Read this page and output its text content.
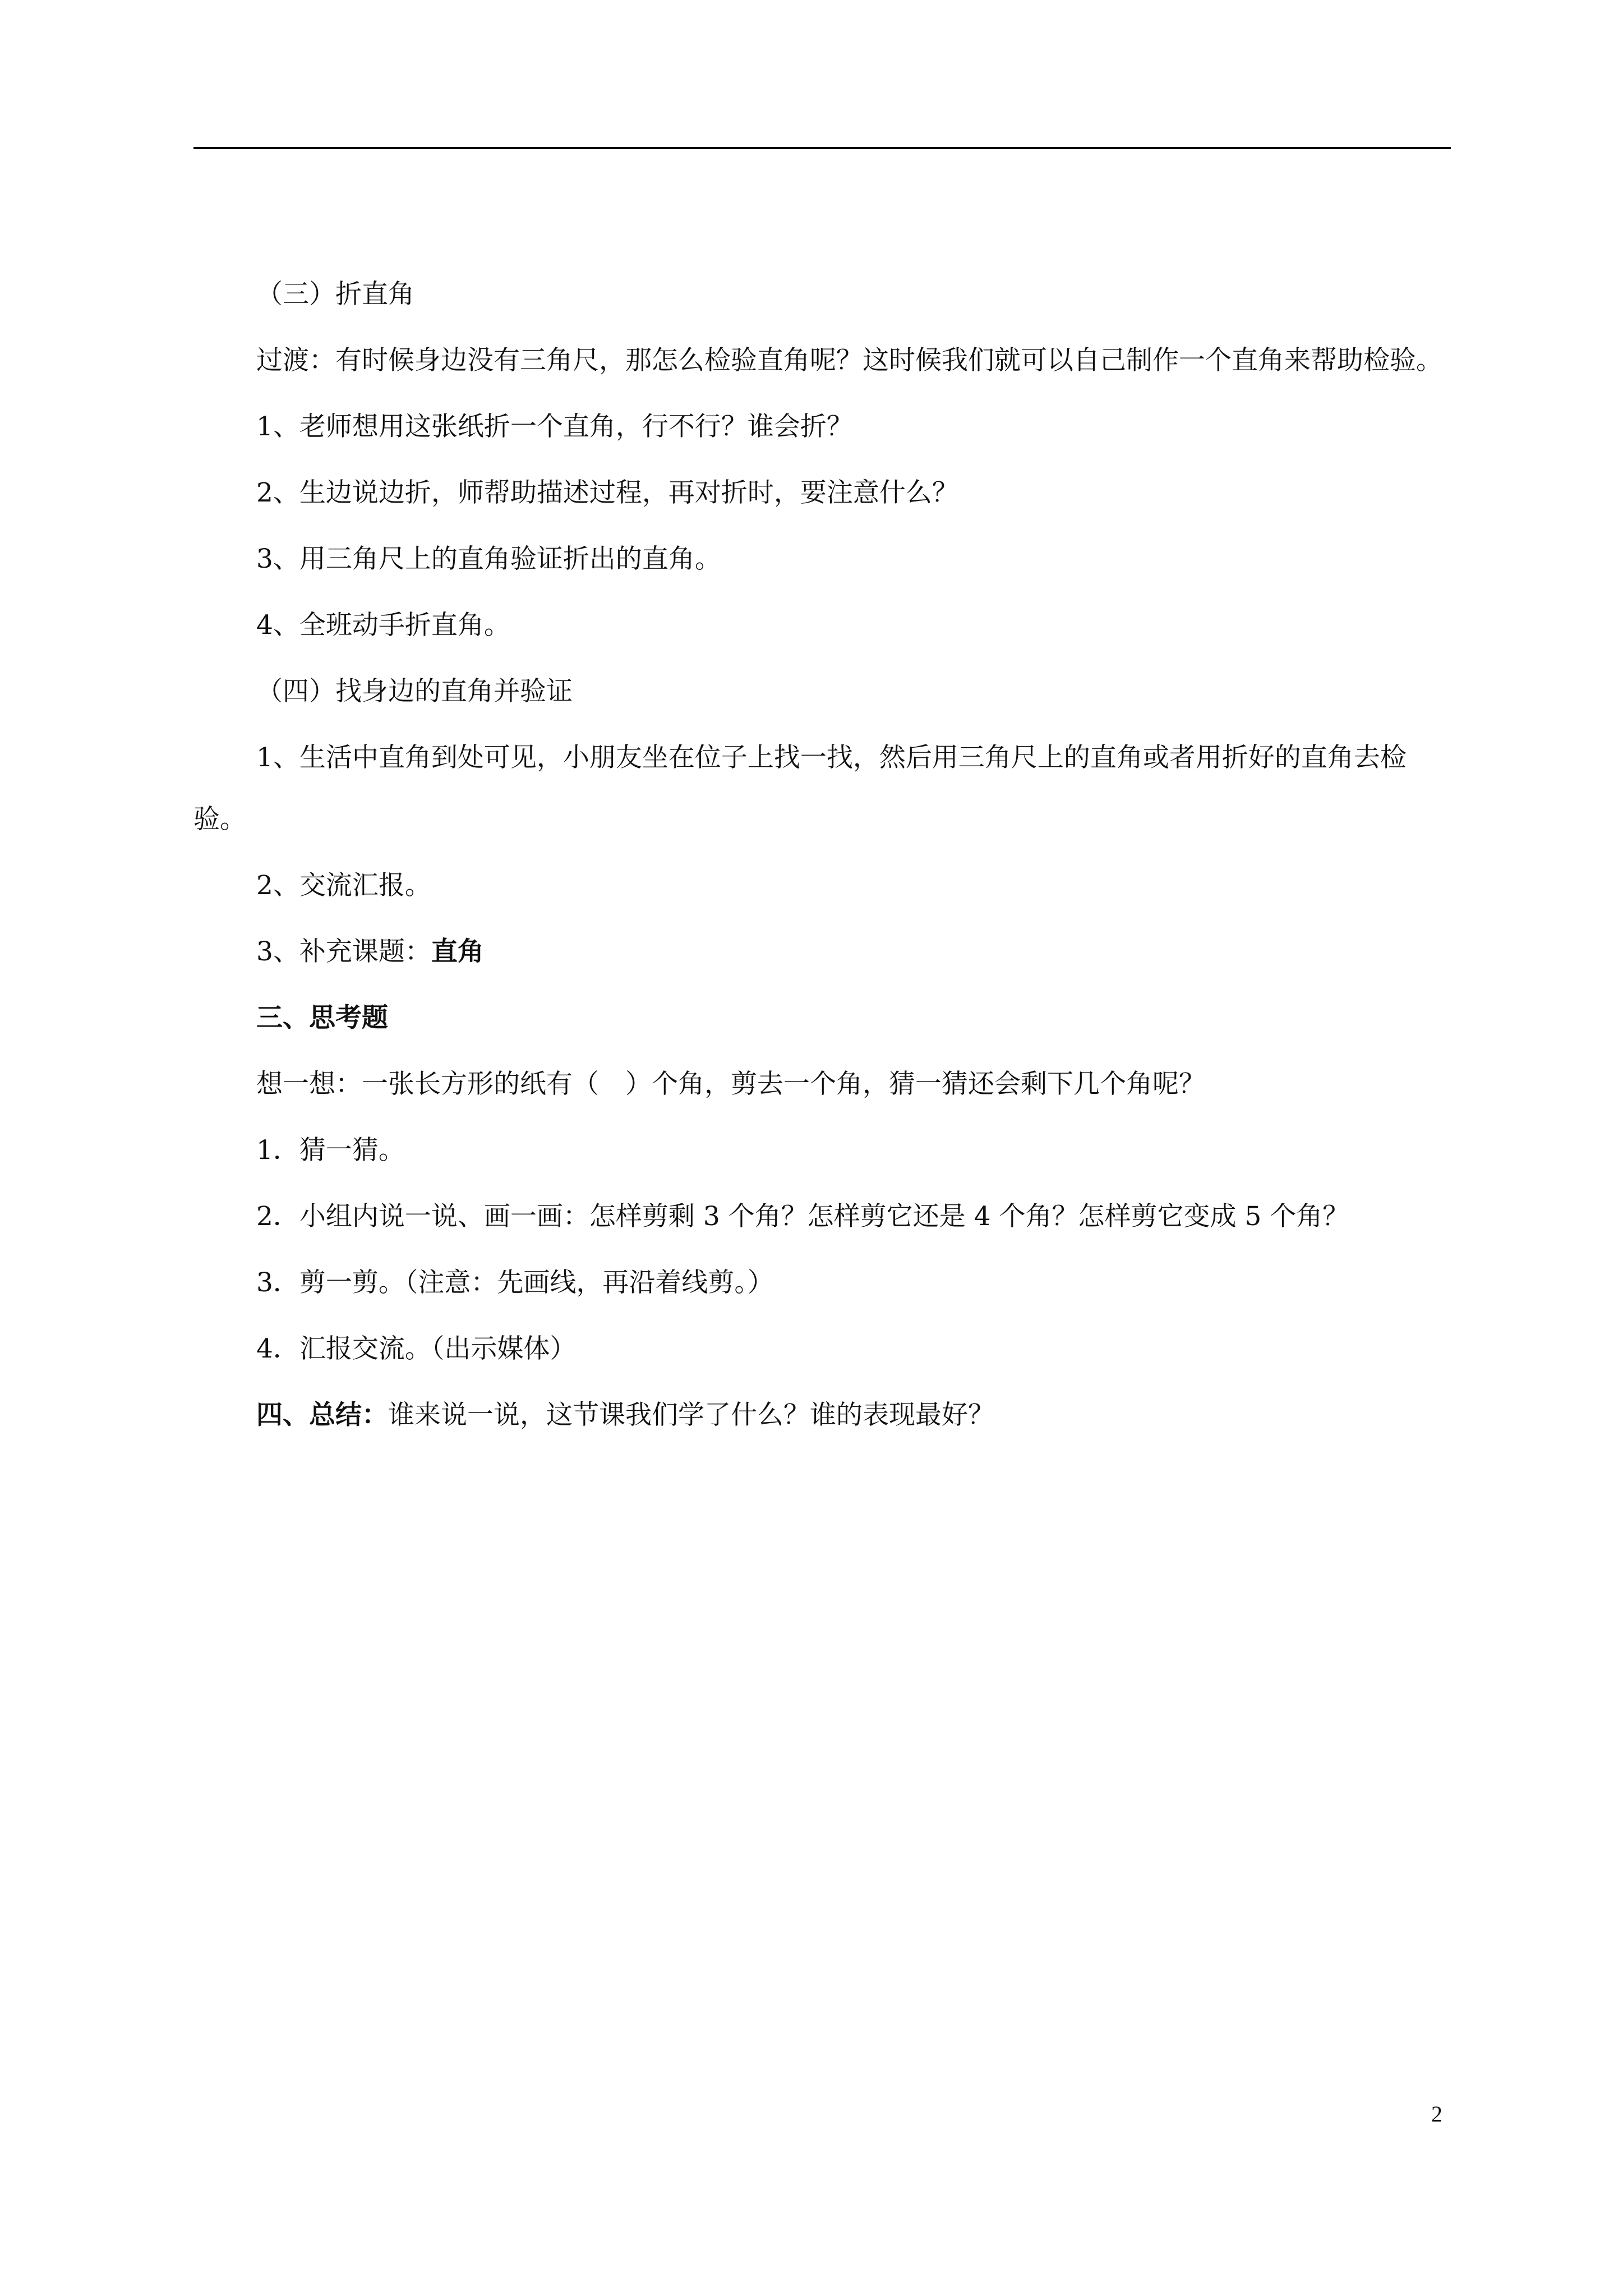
（三）折直角

过渡：有时候身边没有三角尺，那怎么检验直角呢？这时候我们就可以自己制作一个直角来帮助检验。

1、老师想用这张纸折一个直角，行不行？谁会折？

2、生边说边折，师帮助描述过程，再对折时，要注意什么？

3、用三角尺上的直角验证折出的直角。

4、全班动手折直角。

（四）找身边的直角并验证

1、生活中直角到处可见，小朋友坐在位子上找一找，然后用三角尺上的直角或者用折好的直角去检验。

2、交流汇报。

3、补充课题：直角

三、思考题

想一想：一张长方形的纸有（　）个角，剪去一个角，猜一猜还会剩下几个角呢？

1．猜一猜。

2．小组内说一说、画一画：怎样剪剩 3 个角？怎样剪它还是 4 个角？怎样剪它变成 5 个角？

3．剪一剪。（注意：先画线，再沿着线剪。）

4．汇报交流。（出示媒体）

四、总结：谁来说一说，这节课我们学了什么？谁的表现最好？

2
